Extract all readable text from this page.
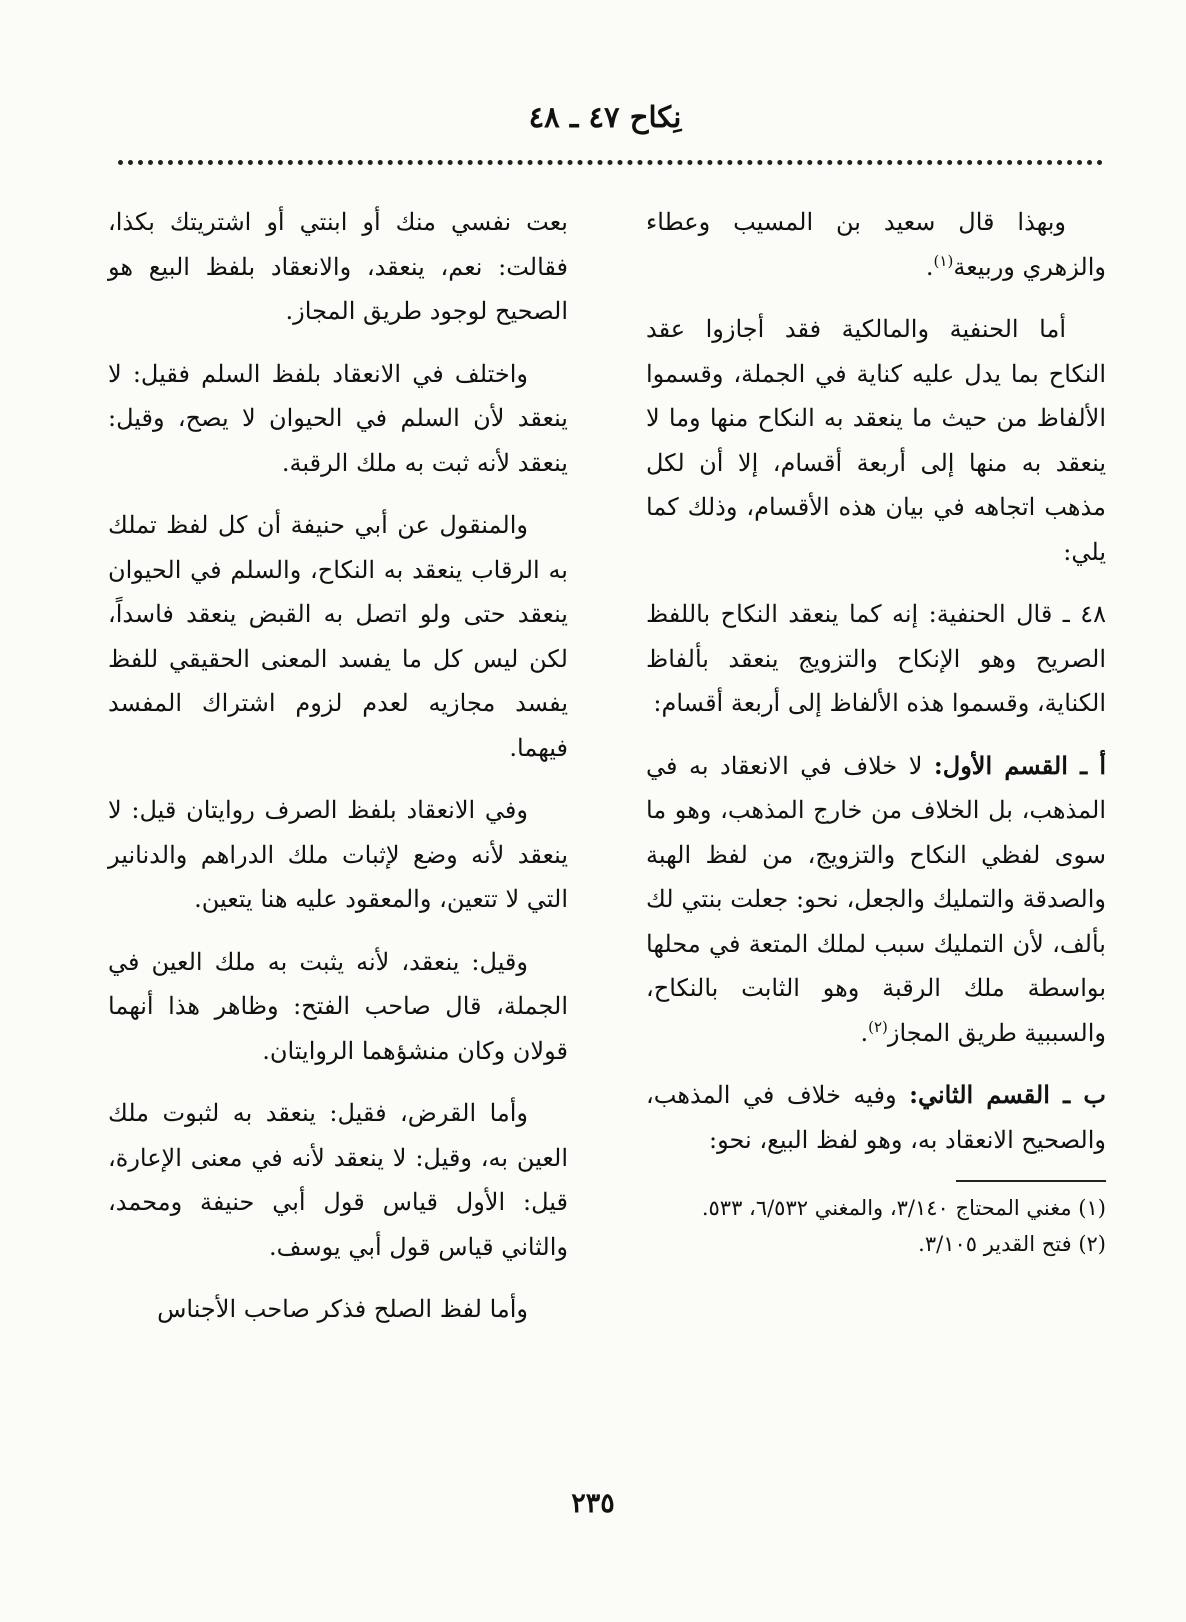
نِكاح ٤٧ ـ ٤٨

وبهذا قال سعيد بن المسيب وعطاء والزهري وربيعة$^{(١)}$.

أما الحنفية والمالكية فقد أجازوا عقد النكاح بما يدل عليه كناية في الجملة، وقسموا الألفاظ من حيث ما ينعقد به النكاح منها وما لا ينعقد به منها إلى أربعة أقسام، إلا أن لكل مذهب اتجاهه في بيان هذه الأقسام، وذلك كما يلي:

٤٨ ـ قال الحنفية: إنه كما ينعقد النكاح باللفظ الصريح وهو الإنكاح والتزويج ينعقد بألفاظ الكناية، وقسموا هذه الألفاظ إلى أربعة أقسام:

أ ـ القسم الأول: لا خلاف في الانعقاد به في المذهب، بل الخلاف من خارج المذهب، وهو ما سوى لفظي النكاح والتزويج، من لفظ الهبة والصدقة والتمليك والجعل، نحو: جعلت بنتي لك بألف، لأن التمليك سبب لملك المتعة في محلها بواسطة ملك الرقبة وهو الثابت بالنكاح، والسببية طريق المجاز$^{(٢)}$.

ب ـ القسم الثاني: وفيه خلاف في المذهب، والصحيح الانعقاد به، وهو لفظ البيع، نحو:

(١) مغني المحتاج ٣/١٤٠، والمغني ٦/٥٣٢، ٥٣٣.
(٢) فتح القدير ٣/١٠٥.

بعت نفسي منك أو ابنتي أو اشتريتك بكذا، فقالت: نعم، ينعقد، والانعقاد بلفظ البيع هو الصحيح لوجود طريق المجاز.

واختلف في الانعقاد بلفظ السلم فقيل: لا ينعقد لأن السلم في الحيوان لا يصح، وقيل: ينعقد لأنه ثبت به ملك الرقبة.

والمنقول عن أبي حنيفة أن كل لفظ تملك به الرقاب ينعقد به النكاح، والسلم في الحيوان ينعقد حتى ولو اتصل به القبض ينعقد فاسداً، لكن ليس كل ما يفسد المعنى الحقيقي للفظ يفسد مجازيه لعدم لزوم اشتراك المفسد فيهما.

وفي الانعقاد بلفظ الصرف روايتان قيل: لا ينعقد لأنه وضع لإثبات ملك الدراهم والدنانير التي لا تتعين، والمعقود عليه هنا يتعين.

وقيل: ينعقد، لأنه يثبت به ملك العين في الجملة، قال صاحب الفتح: وظاهر هذا أنهما قولان وكان منشؤهما الروايتان.

وأما القرض، فقيل: ينعقد به لثبوت ملك العين به، وقيل: لا ينعقد لأنه في معنى الإعارة، قيل: الأول قياس قول أبي حنيفة ومحمد، والثاني قياس قول أبي يوسف.

وأما لفظ الصلح فذكر صاحب الأجناس

٢٣٥
